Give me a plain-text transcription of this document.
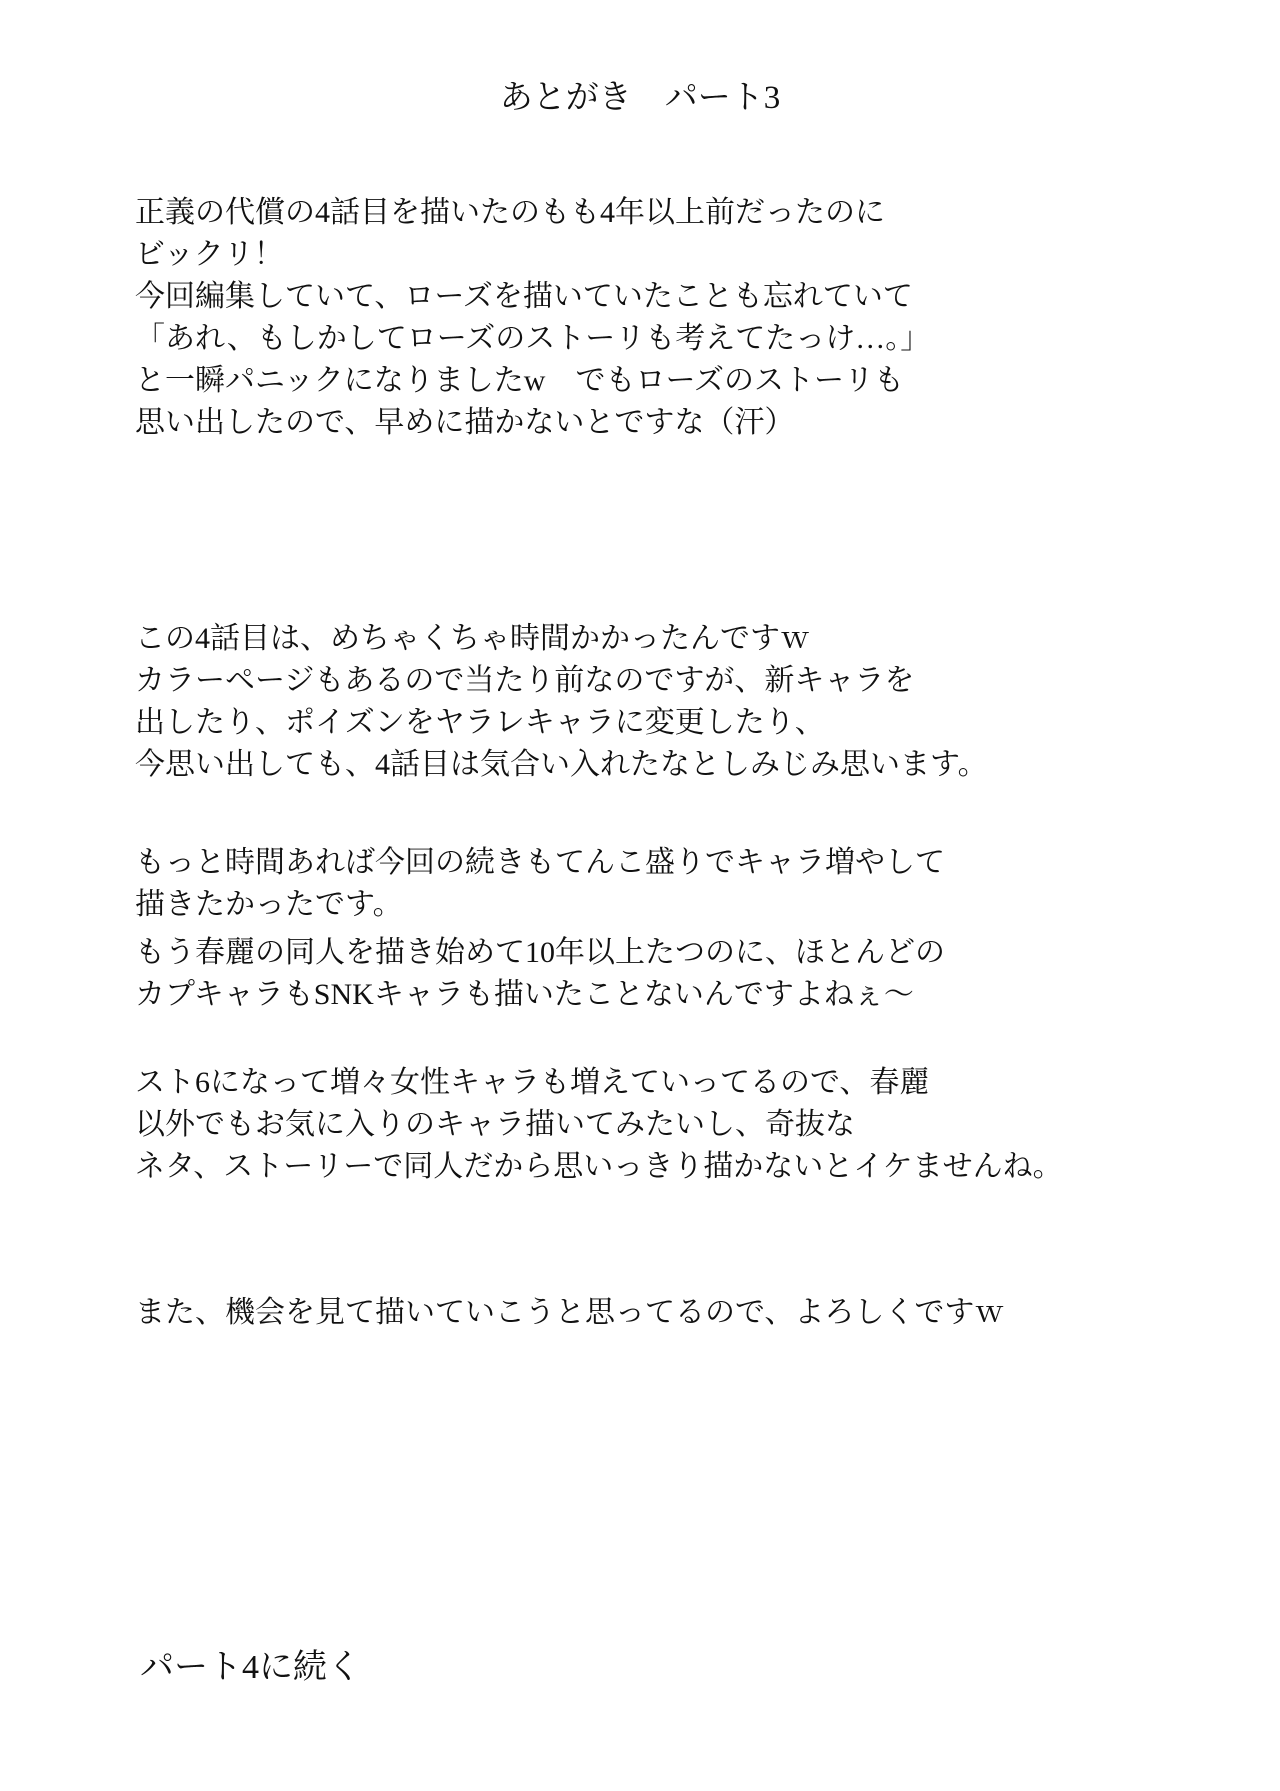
あとがき　パート3
正義の代償の4話目を描いたのもも4年以上前だったのに
ビックリ！
今回編集していて、ローズを描いていたことも忘れていて
「あれ、もしかしてローズのストーリも考えてたっけ…。」
と一瞬パニックになりましたw　でもローズのストーリも
思い出したので、早めに描かないとですな（汗）
この4話目は、めちゃくちゃ時間かかったんですｗ
カラーページもあるので当たり前なのですが、新キャラを
出したり、ポイズンをヤラレキャラに変更したり、
今思い出しても、4話目は気合い入れたなとしみじみ思います。
もっと時間あれば今回の続きもてんこ盛りでキャラ増やして
描きたかったです。
もう春麗の同人を描き始めて10年以上たつのに、ほとんどの
カプキャラもSNKキャラも描いたことないんですよねぇ～
スト6になって増々女性キャラも増えていってるので、春麗
以外でもお気に入りのキャラ描いてみたいし、奇抜な
ネタ、ストーリーで同人だから思いっきり描かないとイケませんね。
また、機会を見て描いていこうと思ってるので、よろしくですｗ
パート4に続く
